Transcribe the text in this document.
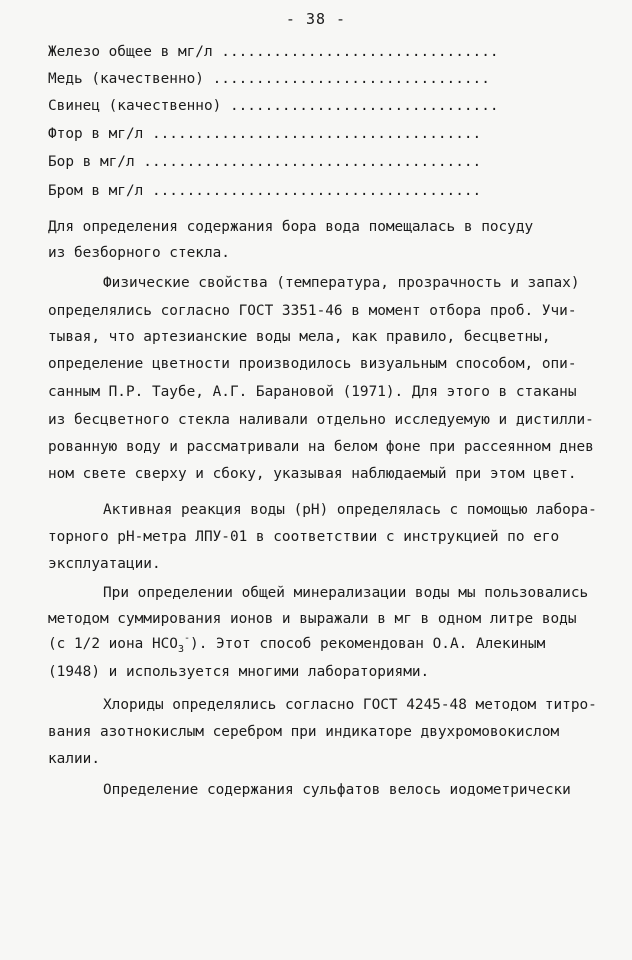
- 38 -
Железо общее в мг/л ................................
Медь (качественно) ................................
Свинец (качественно) ...............................
Фтор в мг/л ......................................
Бор в мг/л .......................................
Бром в мг/л ......................................
Для определения содержания бора вода помещалась в посуду
из безборного стекла.
Физические свойства (температура, прозрачность и запах)
определялись согласно ГОСТ 3351-46 в момент отбора проб. Учи-
тывая, что артезианские воды мела, как правило, бесцветны,
определение цветности производилось визуальным способом, опи-
санным П.Р. Таубе, А.Г. Барановой (1971). Для этого в стаканы
из бесцветного стекла наливали отдельно исследуемую и дистилли-
рованную воду и рассматривали на белом фоне при рассеянном днев
ном свете сверху и сбоку, указывая наблюдаемый при этом цвет.
Активная реакция воды (pH) определялась с помощью лабора-
торного pH-метра ЛПУ-01 в соответствии с инструкцией по его
эксплуатации.
При определении общей минерализации воды мы пользовались
методом суммирования ионов и выражали в мг в одном литре воды
(с 1/2 иона $НСО_3^-$). Этот способ рекомендован О.А. Алекиным
(1948) и используется многими лабораториями.
Хлориды определялись согласно ГОСТ 4245-48 методом титро-
вания азотнокислым серебром при индикаторе двухромовокислом
калии.
Определение содержания сульфатов велось иодометрически
